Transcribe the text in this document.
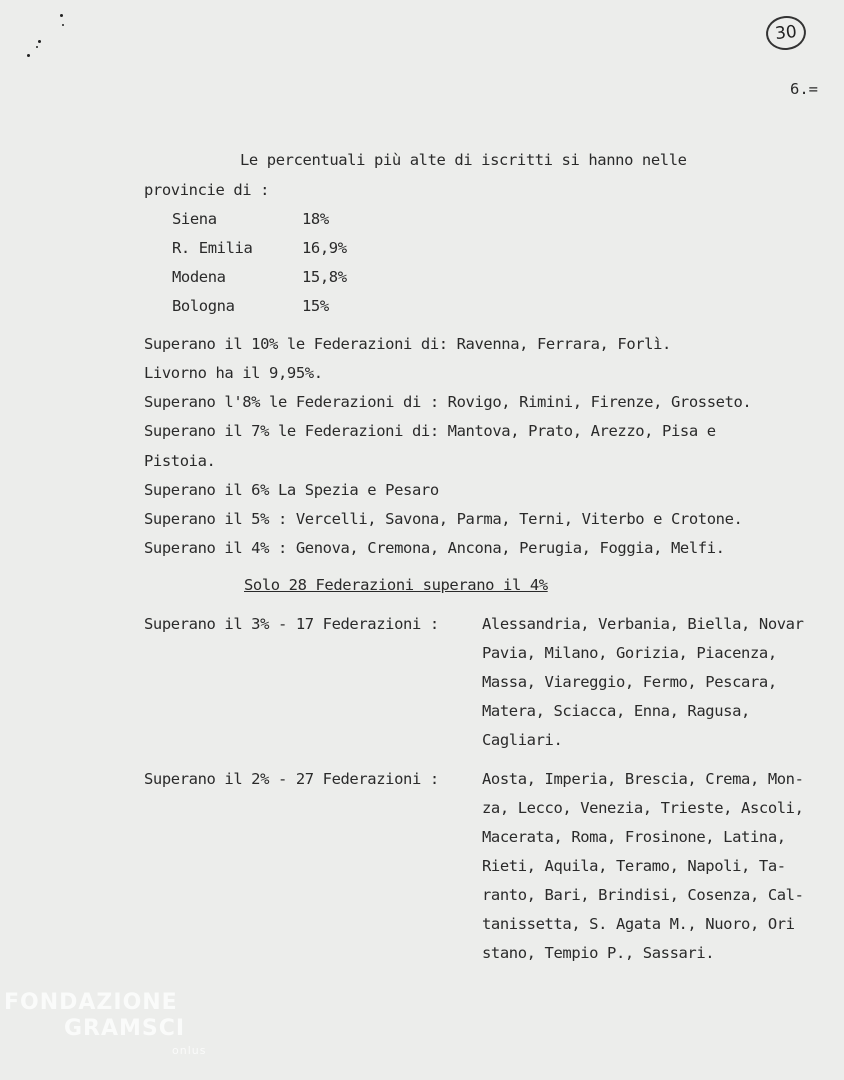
30
6.=
Le percentuali più alte di iscritti si hanno nelle
provincie di :
Siena	18%
R. Emilia	16,9%
Modena	15,8%
Bologna	15%
Superano il 10% le Federazioni di: Ravenna, Ferrara, Forlì.
Livorno ha il 9,95%.
Superano l'8% le Federazioni di : Rovigo, Rimini, Firenze, Grosseto.
Superano il 7% le Federazioni di: Mantova, Prato, Arezzo, Pisa e
Pistoia.
Superano il 6% La Spezia e Pesaro
Superano il 5% : Vercelli, Savona, Parma, Terni, Viterbo e Crotone.
Superano il 4% : Genova, Cremona, Ancona, Perugia, Foggia, Melfi.
Solo 28 Federazioni superano il 4%
Superano il 3% - 17 Federazioni :	Alessandria, Verbania, Biella, Novar
Pavia, Milano, Gorizia, Piacenza,
Massa, Viareggio, Fermo, Pescara,
Matera, Sciacca, Enna, Ragusa,
Cagliari.
Superano il 2% - 27 Federazioni :	Aosta, Imperia, Brescia, Crema, Mon-
za, Lecco, Venezia, Trieste, Ascoli,
Macerata, Roma, Frosinone, Latina,
Rieti, Aquila, Teramo, Napoli, Ta-
ranto, Bari, Brindisi, Cosenza, Cal-
tanissetta, S. Agata M., Nuoro, Ori
stano, Tempio P., Sassari.
FONDAZIONE
GRAMSCI
onlus
